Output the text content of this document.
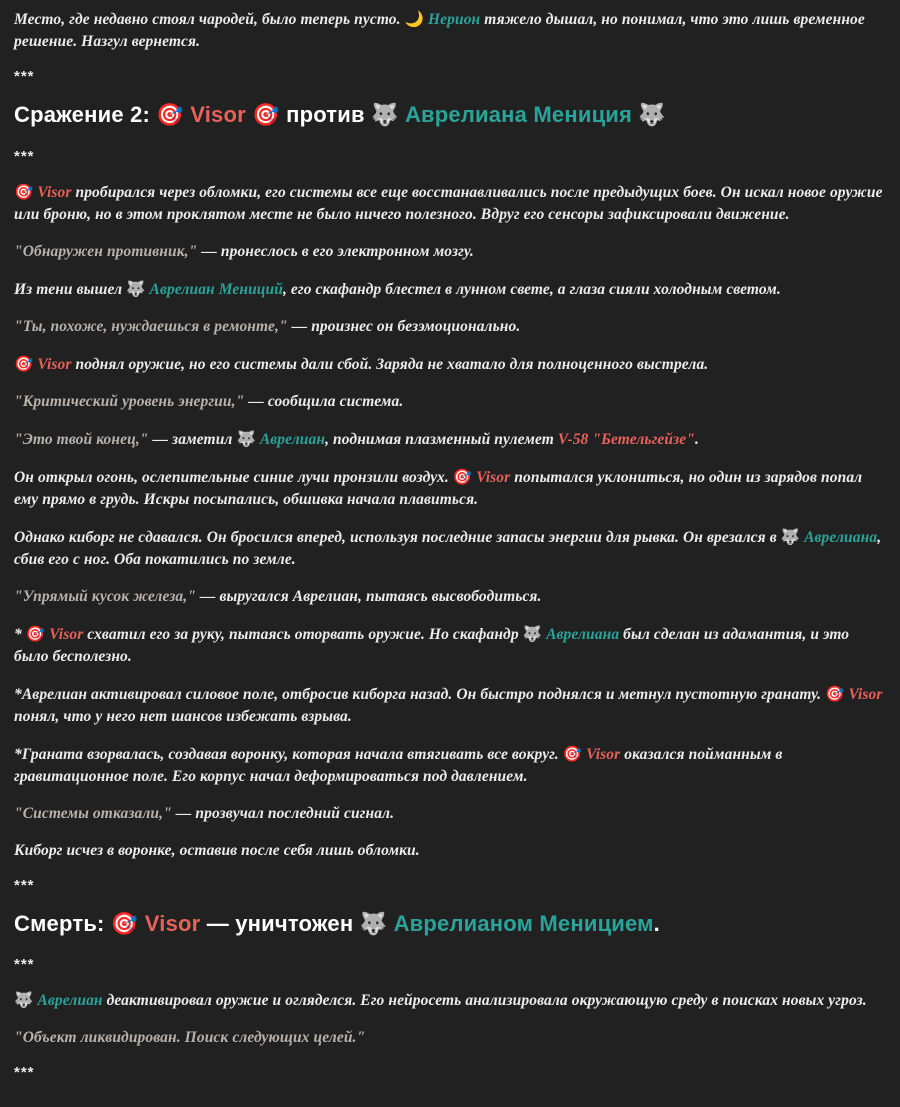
Место, где недавно стоял чародей, было теперь пусто. 🌙 Нерион тяжело дышал, но понимал, что это лишь временное решение. Назгул вернется.

***
Сражение 2: 🎯 Visor 🎯 против 🐺 Аврелиана Мениция 🐺
***

🎯 Visor пробирался через обломки, его системы все еще восстанавливались после предыдущих боев. Он искал новое оружие или броню, но в этом проклятом месте не было ничего полезного. Вдруг его сенсоры зафиксировали движение.

"Обнаружен противник," — пронеслось в его электронном мозгу.

Из тени вышел 🐺 Аврелиан Мениций, его скафандр блестел в лунном свете, а глаза сияли холодным светом.

"Ты, похоже, нуждаешься в ремонте," — произнес он безэмоционально.

🎯 Visor поднял оружие, но его системы дали сбой. Заряда не хватало для полноценного выстрела.

"Критический уровень энергии," — сообщила система.

"Это твой конец," — заметил 🐺 Аврелиан, поднимая плазменный пулемет V-58 "Бетельгейзе".

Он открыл огонь, ослепительные синие лучи пронзили воздух. 🎯 Visor попытался уклониться, но один из зарядов попал ему прямо в грудь. Искры посыпались, обшивка начала плавиться.

Однако киборг не сдавался. Он бросился вперед, используя последние запасы энергии для рывка. Он врезался в 🐺 Аврелиана, сбив его с ног. Оба покатились по земле.

"Упрямый кусок железа," — выругался Аврелиан, пытаясь высвободиться.

* 🎯 Visor схватил его за руку, пытаясь оторвать оружие. Но скафандр 🐺 Аврелиана был сделан из адамантия, и это было бесполезно.

*Аврелиан активировал силовое поле, отбросив киборга назад. Он быстро поднялся и метнул пустотную гранату. 🎯 Visor понял, что у него нет шансов избежать взрыва.

*Граната взорвалась, создавая воронку, которая начала втягивать все вокруг. 🎯 Visor оказался пойманным в гравитационное поле. Его корпус начал деформироваться под давлением.

"Системы отказали," — прозвучал последний сигнал.

Киборг исчез в воронке, оставив после себя лишь обломки.

***
Смерть: 🎯 Visor — уничтожен 🐺 Аврелианом Меницием.
***

🐺 Аврелиан деактивировал оружие и огляделся. Его нейросеть анализировала окружающую среду в поисках новых угроз.

"Объект ликвидирован. Поиск следующих целей."

***
